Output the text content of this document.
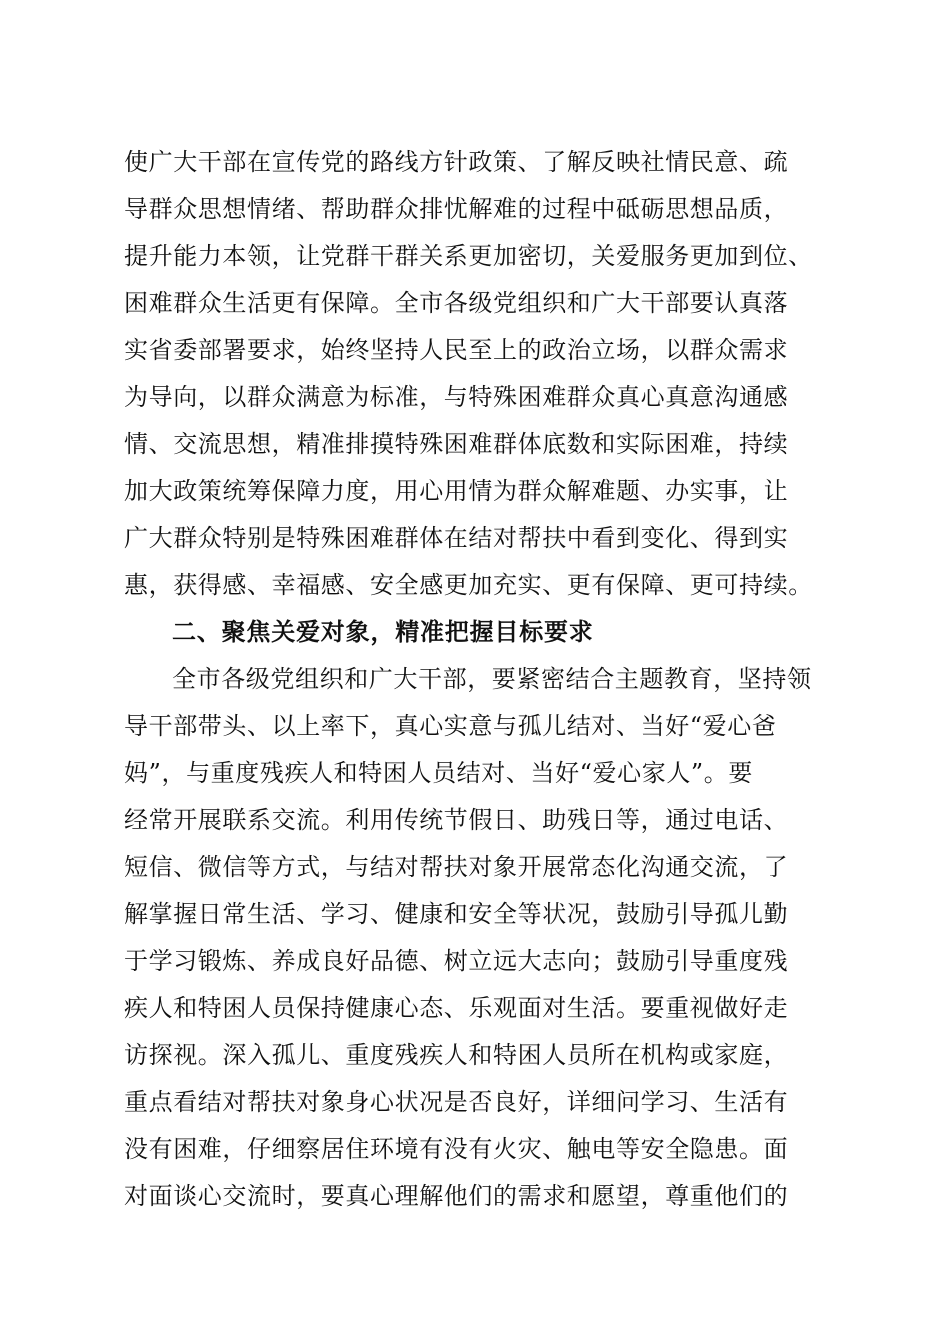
使广大干部在宣传党的路线方针政策、了解反映社情民意、疏
导群众思想情绪、帮助群众排忧解难的过程中砥砺思想品质，
提升能力本领，让党群干群关系更加密切，关爱服务更加到位、
困难群众生活更有保障。全市各级党组织和广大干部要认真落
实省委部署要求，始终坚持人民至上的政治立场，以群众需求
为导向，以群众满意为标准，与特殊困难群众真心真意沟通感
情、交流思想，精准排摸特殊困难群体底数和实际困难，持续
加大政策统筹保障力度，用心用情为群众解难题、办实事，让
广大群众特别是特殊困难群体在结对帮扶中看到变化、得到实
惠，获得感、幸福感、安全感更加充实、更有保障、更可持续。
二、聚焦关爱对象，精准把握目标要求
全市各级党组织和广大干部，要紧密结合主题教育，坚持领
导干部带头、以上率下，真心实意与孤儿结对、当好“爱心爸
妈”，与重度残疾人和特困人员结对、当好“爱心家人”。要
经常开展联系交流。利用传统节假日、助残日等，通过电话、
短信、微信等方式，与结对帮扶对象开展常态化沟通交流，了
解掌握日常生活、学习、健康和安全等状况，鼓励引导孤儿勤
于学习锻炼、养成良好品德、树立远大志向；鼓励引导重度残
疾人和特困人员保持健康心态、乐观面对生活。要重视做好走
访探视。深入孤儿、重度残疾人和特困人员所在机构或家庭，
重点看结对帮扶对象身心状况是否良好，详细问学习、生活有
没有困难，仔细察居住环境有没有火灾、触电等安全隐患。面
对面谈心交流时，要真心理解他们的需求和愿望，尊重他们的
